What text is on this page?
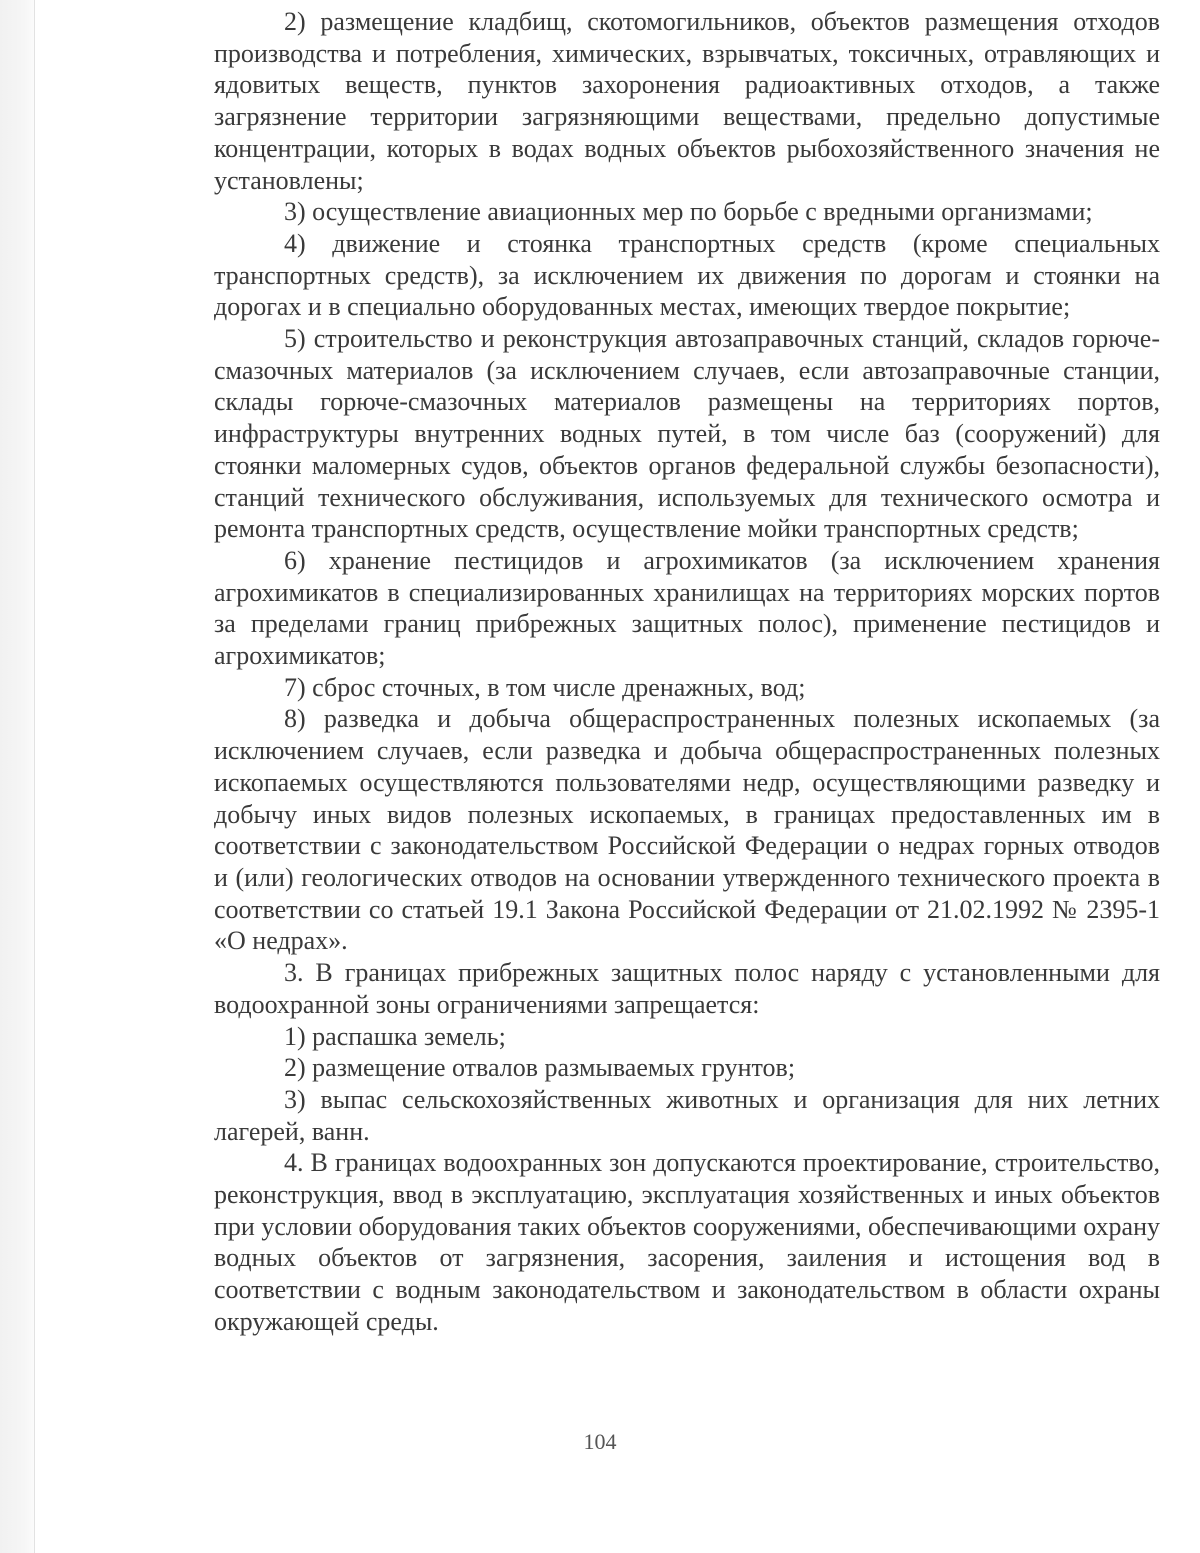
2) размещение кладбищ, скотомогильников, объектов размещения отходов производства и потребления, химических, взрывчатых, токсичных, отравляющих и ядовитых веществ, пунктов захоронения радиоактивных отходов, а также загрязнение территории загрязняющими веществами, предельно допустимые концентрации, которых в водах водных объектов рыбохозяйственного значения не установлены;

3) осуществление авиационных мер по борьбе с вредными организмами;

4) движение и стоянка транспортных средств (кроме специальных транспортных средств), за исключением их движения по дорогам и стоянки на дорогах и в специально оборудованных местах, имеющих твердое покрытие;

5) строительство и реконструкция автозаправочных станций, складов горюче-смазочных материалов (за исключением случаев, если автозаправочные станции, склады горюче-смазочных материалов размещены на территориях портов, инфраструктуры внутренних водных путей, в том числе баз (сооружений) для стоянки маломерных судов, объектов органов федеральной службы безопасности), станций технического обслуживания, используемых для технического осмотра и ремонта транспортных средств, осуществление мойки транспортных средств;

6) хранение пестицидов и агрохимикатов (за исключением хранения агрохимикатов в специализированных хранилищах на территориях морских портов за пределами границ прибрежных защитных полос), применение пестицидов и агрохимикатов;

7) сброс сточных, в том числе дренажных, вод;

8) разведка и добыча общераспространенных полезных ископаемых (за исключением случаев, если разведка и добыча общераспространенных полезных ископаемых осуществляются пользователями недр, осуществляющими разведку и добычу иных видов полезных ископаемых, в границах предоставленных им в соответствии с законодательством Российской Федерации о недрах горных отводов и (или) геологических отводов на основании утвержденного технического проекта в соответствии со статьей 19.1 Закона Российской Федерации от 21.02.1992 № 2395-1 «О недрах».

3. В границах прибрежных защитных полос наряду с установленными для водоохранной зоны ограничениями запрещается:

1) распашка земель;

2) размещение отвалов размываемых грунтов;

3) выпас сельскохозяйственных животных и организация для них летних лагерей, ванн.

4. В границах водоохранных зон допускаются проектирование, строительство, реконструкция, ввод в эксплуатацию, эксплуатация хозяйственных и иных объектов при условии оборудования таких объектов сооружениями, обеспечивающими охрану водных объектов от загрязнения, засорения, заиления и истощения вод в соответствии с водным законодательством и законодательством в области охраны окружающей среды.

104
